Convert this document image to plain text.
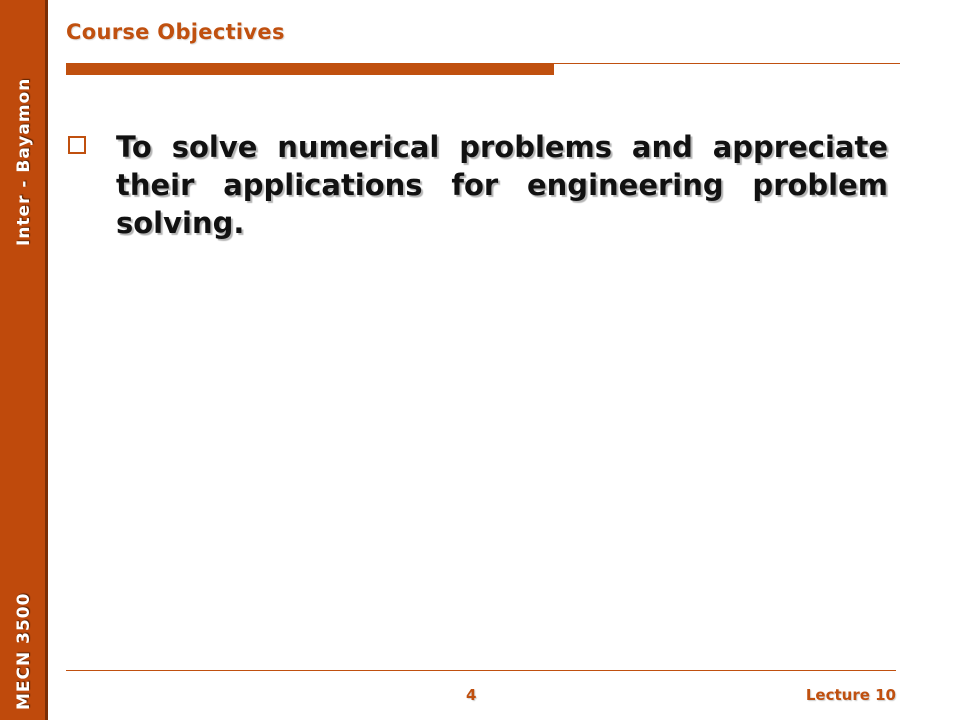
Inter - Bayamon
MECN 3500
Course Objectives
To solve numerical problems and appreciate their applications for engineering problem solving.
4	Lecture 10
